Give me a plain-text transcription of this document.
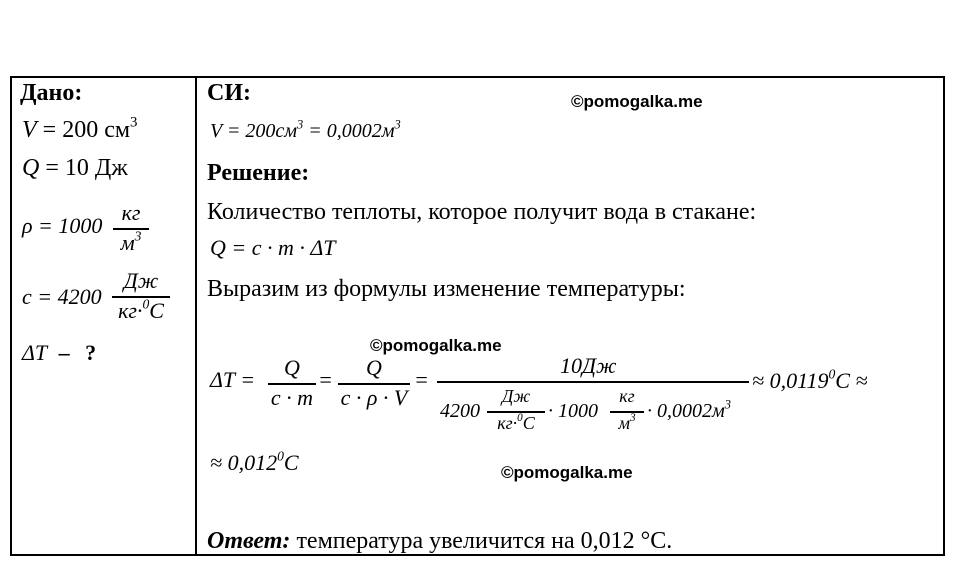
Дано:
V = 200 $см^3$
Q = 10 Дж
ρ = 1000
кг
$м^3$
c = 4200
Дж
кг·$^0$C
ΔT – ?
СИ:	©pomogalka.me
$V = 200см^3 = 0,0002м^3$
Решение:
Количество теплоты, которое получит вода в стакане:
Q = c · m · ΔT
Выразим из формулы изменение температуры:
©pomogalka.me
ΔT =	Q
c · m
=	Q
c · ρ · V
=
10Дж
4200
Дж
кг·$^0$C
· 1000
кг
$м^3 \cdot 0,0002м^3$
≈ $0,0119^0C$ ≈
≈ $0,012^0C$	©pomogalka.me
Ответ: температура увеличится на 0,012 °C.
